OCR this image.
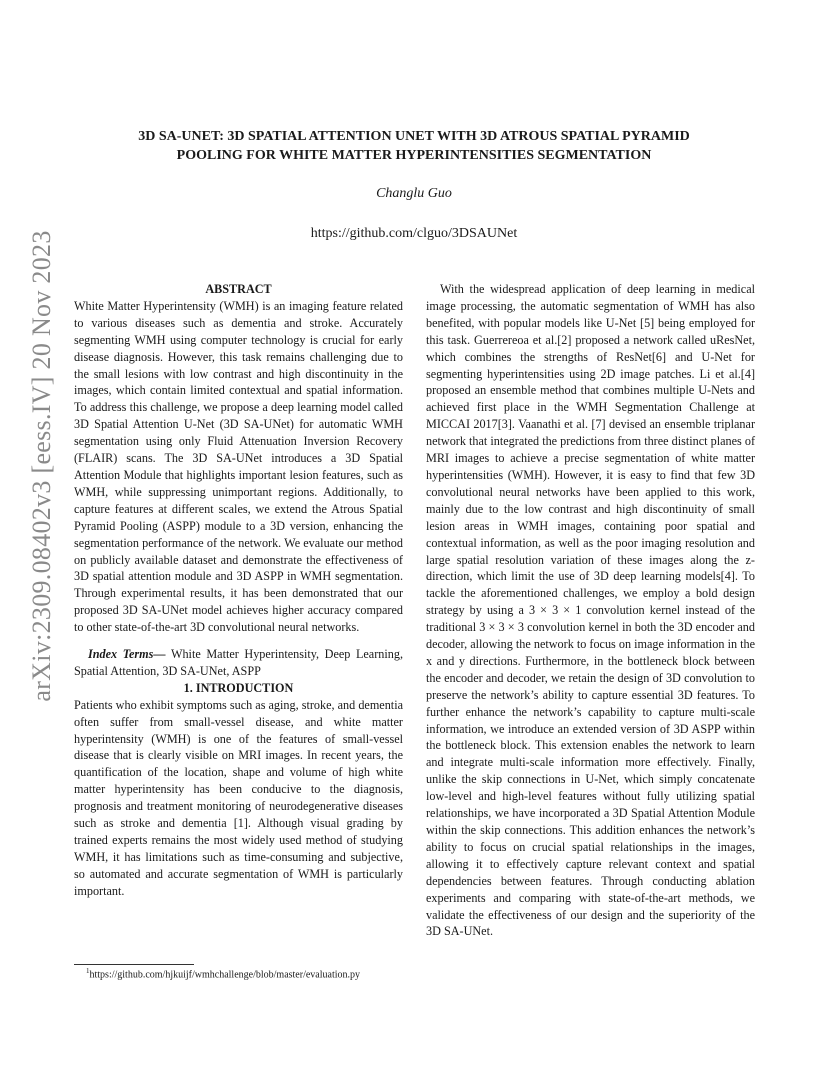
arXiv:2309.08402v3 [eess.IV] 20 Nov 2023
3D SA-UNET: 3D SPATIAL ATTENTION UNET WITH 3D ATROUS SPATIAL PYRAMID
POOLING FOR WHITE MATTER HYPERINTENSITIES SEGMENTATION
Changlu Guo
https://github.com/clguo/3DSAUNet

ABSTRACT

White Matter Hyperintensity (WMH) is an imaging feature related to various diseases such as dementia and stroke. Accurately segmenting WMH using computer technology is crucial for early disease diagnosis. However, this task remains challenging due to the small lesions with low contrast and high discontinuity in the images, which contain limited contextual and spatial information. To address this challenge, we propose a deep learning model called 3D Spatial Attention U-Net (3D SA-UNet) for automatic WMH segmentation using only Fluid Attenuation Inversion Recovery (FLAIR) scans. The 3D SA-UNet introduces a 3D Spatial Attention Module that highlights important lesion features, such as WMH, while suppressing unimportant regions. Additionally, to capture features at different scales, we extend the Atrous Spatial Pyramid Pooling (ASPP) module to a 3D version, enhancing the segmentation performance of the network. We evaluate our method on publicly available dataset and demonstrate the effectiveness of 3D spatial attention module and 3D ASPP in WMH segmentation. Through experimental results, it has been demonstrated that our proposed 3D SA-UNet model achieves higher accuracy compared to other state-of-the-art 3D convolutional neural networks.

Index Terms— White Matter Hyperintensity, Deep Learning, Spatial Attention, 3D SA-UNet, ASPP

1. INTRODUCTION

Patients who exhibit symptoms such as aging, stroke, and dementia often suffer from small-vessel disease, and white matter hyperintensity (WMH) is one of the features of small-vessel disease that is clearly visible on MRI images. In recent years, the quantification of the location, shape and volume of high white matter hyperintensity has been conducive to the diagnosis, prognosis and treatment monitoring of neurodegenerative diseases such as stroke and dementia [1]. Although visual grading by trained experts remains the most widely used method of studying WMH, it has limitations such as time-consuming and subjective, so automated and accurate segmentation of WMH is particularly important.

With the widespread application of deep learning in medical image processing, the automatic segmentation of WMH has also benefited, with popular models like U-Net [5] being employed for this task. Guerrereoa et al.[2] proposed a network called uResNet, which combines the strengths of ResNet[6] and U-Net for segmenting hyperintensities using 2D image patches. Li et al.[4] proposed an ensemble method that combines multiple U-Nets and achieved first place in the WMH Segmentation Challenge at MICCAI 2017[3]. Vaanathi et al. [7] devised an ensemble triplanar network that integrated the predictions from three distinct planes of MRI images to achieve a precise segmentation of white matter hyperintensities (WMH). However, it is easy to find that few 3D convolutional neural networks have been applied to this work, mainly due to the low contrast and high discontinuity of small lesion areas in WMH images, containing poor spatial and contextual information, as well as the poor imaging resolution and large spatial resolution variation of these images along the z-direction, which limit the use of 3D deep learning models[4]. To tackle the aforementioned challenges, we employ a bold design strategy by using a 3 × 3 × 1 convolution kernel instead of the traditional 3 × 3 × 3 convolution kernel in both the 3D encoder and decoder, allowing the network to focus on image information in the x and y directions. Furthermore, in the bottleneck block between the encoder and decoder, we retain the design of 3D convolution to preserve the network’s ability to capture essential 3D features. To further enhance the network’s capability to capture multi-scale information, we introduce an extended version of 3D ASPP within the bottleneck block. This extension enables the network to learn and integrate multi-scale information more effectively. Finally, unlike the skip connections in U-Net, which simply concatenate low-level and high-level features without fully utilizing spatial relationships, we have incorporated a 3D Spatial Attention Module within the skip connections. This addition enhances the network’s ability to focus on crucial spatial relationships in the images, allowing it to effectively capture relevant context and spatial dependencies between features. Through conducting ablation experiments and comparing with state-of-the-art methods, we validate the effectiveness of our design and the superiority of the 3D SA-UNet.

$^1$https://github.com/hjkuijf/wmhchallenge/blob/master/evaluation.py
